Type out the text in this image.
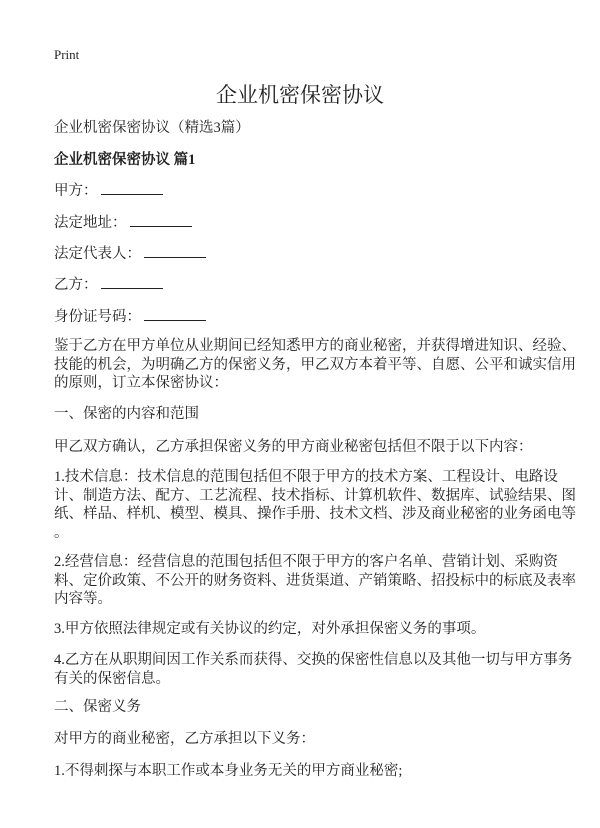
Print
企业机密保密协议
企业机密保密协议（精选3篇）
企业机密保密协议 篇1
甲方：
法定地址：
法定代表人：
乙方：
身份证号码：
鉴于乙方在甲方单位从业期间已经知悉甲方的商业秘密，并获得增进知识、经验、
技能的机会，为明确乙方的保密义务，甲乙双方本着平等、自愿、公平和诚实信用
的原则，订立本保密协议：
一、保密的内容和范围
甲乙双方确认，乙方承担保密义务的甲方商业秘密包括但不限于以下内容：
1.技术信息：技术信息的范围包括但不限于甲方的技术方案、工程设计、电路设
计、制造方法、配方、工艺流程、技术指标、计算机软件、数据库、试验结果、图
纸、样品、样机、模型、模具、操作手册、技术文档、涉及商业秘密的业务函电等
。
2.经营信息：经营信息的范围包括但不限于甲方的客户名单、营销计划、采购资
料、定价政策、不公开的财务资料、进货渠道、产销策略、招投标中的标底及表率
内容等。
3.甲方依照法律规定或有关协议的约定，对外承担保密义务的事项。
4.乙方在从职期间因工作关系而获得、交换的保密性信息以及其他一切与甲方事务
有关的保密信息。
二、保密义务
对甲方的商业秘密，乙方承担以下义务：
1.不得刺探与本职工作或本身业务无关的甲方商业秘密;
